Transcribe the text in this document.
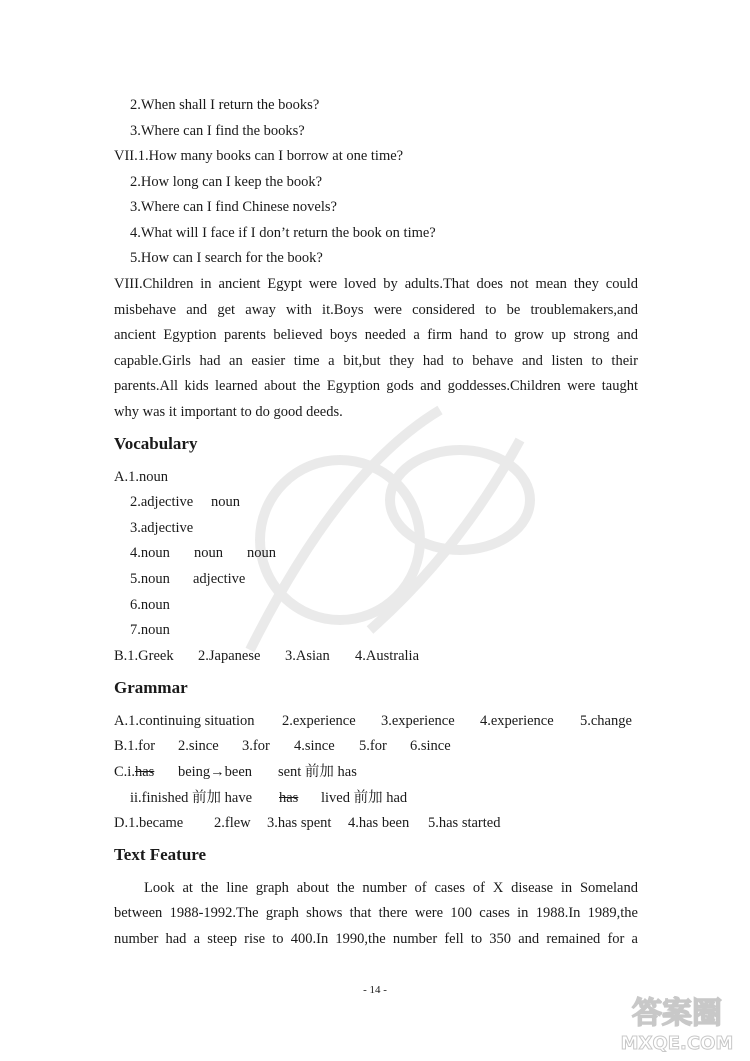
2.When shall I return the books?
3.Where can I find the books?
VII.1.How many books can I borrow at one time?
2.How long can I keep the book?
3.Where can I find Chinese novels?
4.What will I face if I don’t return the book on time?
5.How can I search for the book?
VIII.Children in ancient Egypt were loved by adults.That does not mean they could
misbehave and get away with it.Boys were considered to be troublemakers,and
ancient Egyption parents believed boys needed a firm hand to grow up strong and
capable.Girls had an easier time a bit,but they had to behave and listen to their
parents.All kids learned about the Egyption gods and goddesses.Children were taught
why was it important to do good deeds.
Vocabulary
A.1.noun
2.adjective noun
3.adjective
4.noun noun noun
5.noun adjective
6.noun
7.noun
B.1.Greek 2.Japanese 3.Asian 4.Australia
Grammar
A.1.continuing situation 2.experience 3.experience 4.experience 5.change
B.1.for 2.since 3.for 4.since 5.for 6.since
C.i.has being→been sent 前加 has
ii.finished 前加 have has lived 前加 had
D.1.became 2.flew 3.has spent 4.has been 5.has started
Text Feature
Look at the line graph about the number of cases of X disease in Someland
between 1988-1992.The graph shows that there were 100 cases in 1988.In 1989,the
number had a steep rise to 400.In 1990,the number fell to 350 and remained for a
- 14 -
答案圈
MXQE.COM
